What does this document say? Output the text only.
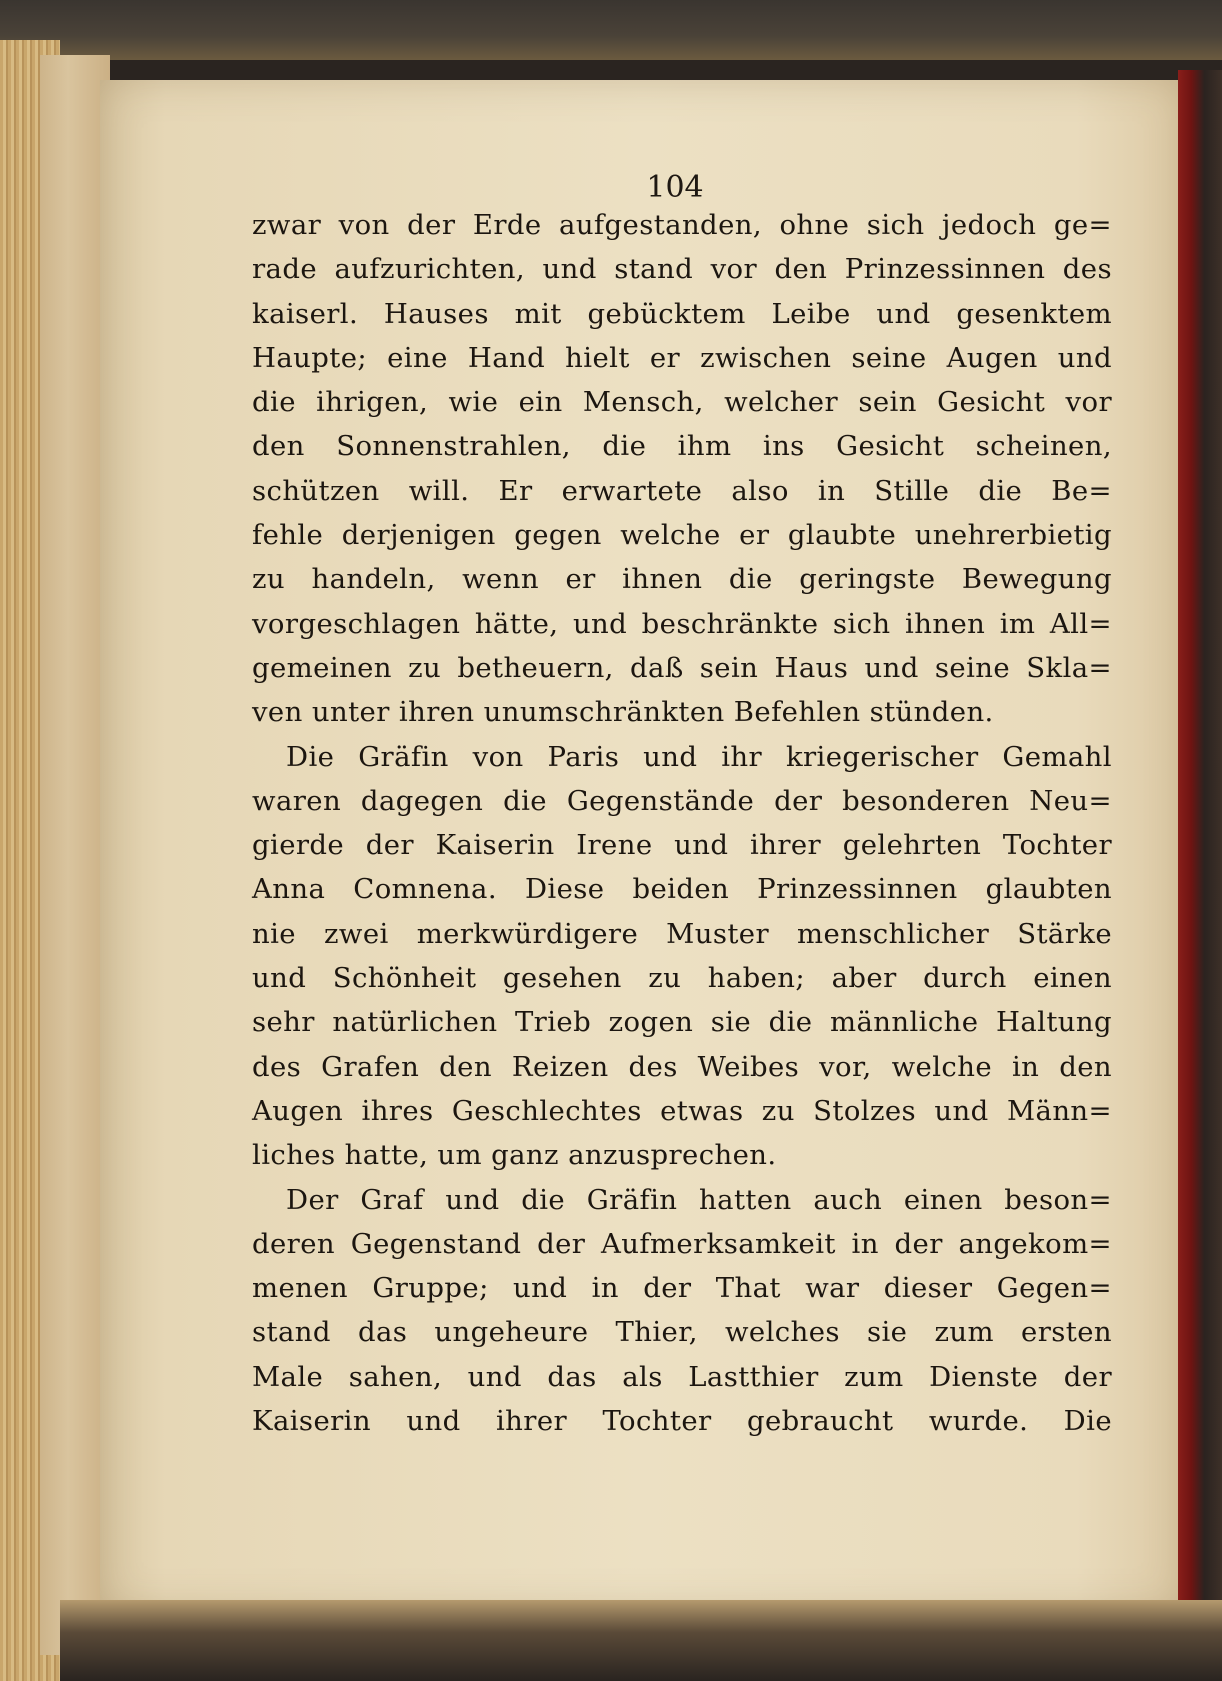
104
zwar von der Erde aufgestanden, ohne sich jedoch ge=
rade aufzurichten, und stand vor den Prinzessinnen des
kaiserl. Hauses mit gebücktem Leibe und gesenktem
Haupte; eine Hand hielt er zwischen seine Augen und
die ihrigen, wie ein Mensch, welcher sein Gesicht vor
den Sonnenstrahlen, die ihm ins Gesicht scheinen,
schützen will. Er erwartete also in Stille die Be=
fehle derjenigen gegen welche er glaubte unehrerbietig
zu handeln, wenn er ihnen die geringste Bewegung
vorgeschlagen hätte, und beschränkte sich ihnen im All=
gemeinen zu betheuern, daß sein Haus und seine Skla=
ven unter ihren unumschränkten Befehlen stünden.
Die Gräfin von Paris und ihr kriegerischer Gemahl
waren dagegen die Gegenstände der besonderen Neu=
gierde der Kaiserin Irene und ihrer gelehrten Tochter
Anna Comnena. Diese beiden Prinzessinnen glaubten
nie zwei merkwürdigere Muster menschlicher Stärke
und Schönheit gesehen zu haben; aber durch einen
sehr natürlichen Trieb zogen sie die männliche Haltung
des Grafen den Reizen des Weibes vor, welche in den
Augen ihres Geschlechtes etwas zu Stolzes und Männ=
liches hatte, um ganz anzusprechen.
Der Graf und die Gräfin hatten auch einen beson=
deren Gegenstand der Aufmerksamkeit in der angekom=
menen Gruppe; und in der That war dieser Gegen=
stand das ungeheure Thier, welches sie zum ersten
Male sahen, und das als Lastthier zum Dienste der
Kaiserin und ihrer Tochter gebraucht wurde. Die
